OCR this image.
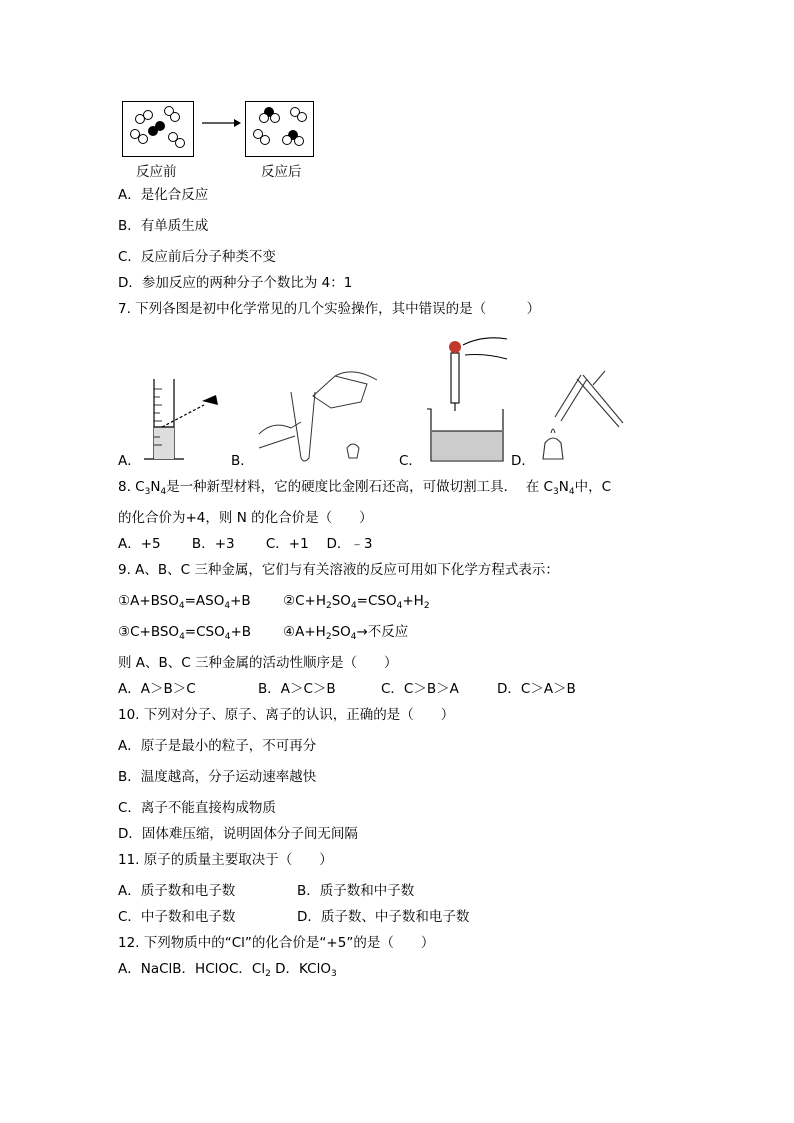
反应前	反应后
A．是化合反应
B．有单质生成
C．反应前后分子种类不变
D．参加反应的两种分子个数比为 4：1
7. 下列各图是初中化学常见的几个实验操作，其中错误的是（　　　）
A．	B．	C．	D．
8. $C_3N_4$是一种新型材料，它的硬度比金刚石还高，可做切割工具．  在 $C_3N_4$中，C
的化合价为+4，则 N 的化合价是（　　）
A．+5　　 B．+3　　 C．+1　 D．﹣3
9. A、B、C 三种金属，它们与有关溶液的反应可用如下化学方程式表示：
$①A+BSO_4=ASO_4+B$ $②C+H_2SO_4=CSO_4+H_2$
$③C+BSO_4=CSO_4+B$ $④A+H_2SO_4\to$不反应
则 A、B、C 三种金属的活动性顺序是（　　）
A．A＞B＞C	B．A＞C＞B	C．C＞B＞A	D．C＞A＞B
10. 下列对分子、原子、离子的认识，正确的是（　　）
A．原子是最小的粒子，不可再分
B．温度越高，分子运动速率越快
C．离子不能直接构成物质
D．固体难压缩，说明固体分子间无间隔
11. 原子的质量主要取决于（　　）
A．质子数和电子数	B．质子数和中子数
C．中子数和电子数	D．质子数、中子数和电子数
12. 下列物质中的“Cl”的化合价是“+5”的是（　　）
A．NaClB．HClOC．$Cl_2$ D．KClO$_3$
